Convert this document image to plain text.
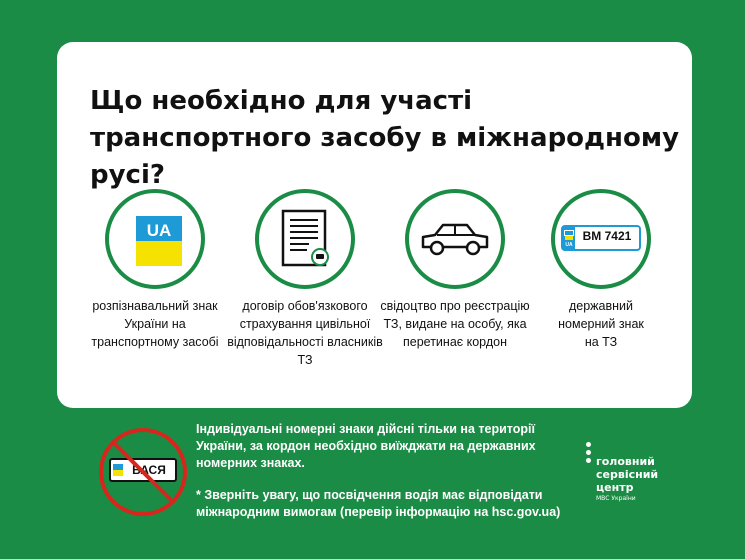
Що необхідно для участі транспортного засобу в міжнародному русі?
UA
розпізнавальний знак України на транспортному засобі
договір обов'язкового страхування цивільної відповідальності власників ТЗ
свідоцтво про реєстрацію ТЗ, видане на особу, яка перетинає кордон
UA
BM 7421
державний номерний знак на ТЗ
ВАСЯ

Індивідуальні номерні знаки дійсні тільки на території України, за кордон необхідно виїжджати на державних номерних знаках.

* Зверніть увагу, що посвідчення водія має відповідати міжнародним вимогам (перевір інформацію на hsc.gov.ua)

головний сервісний центр
МВС України
